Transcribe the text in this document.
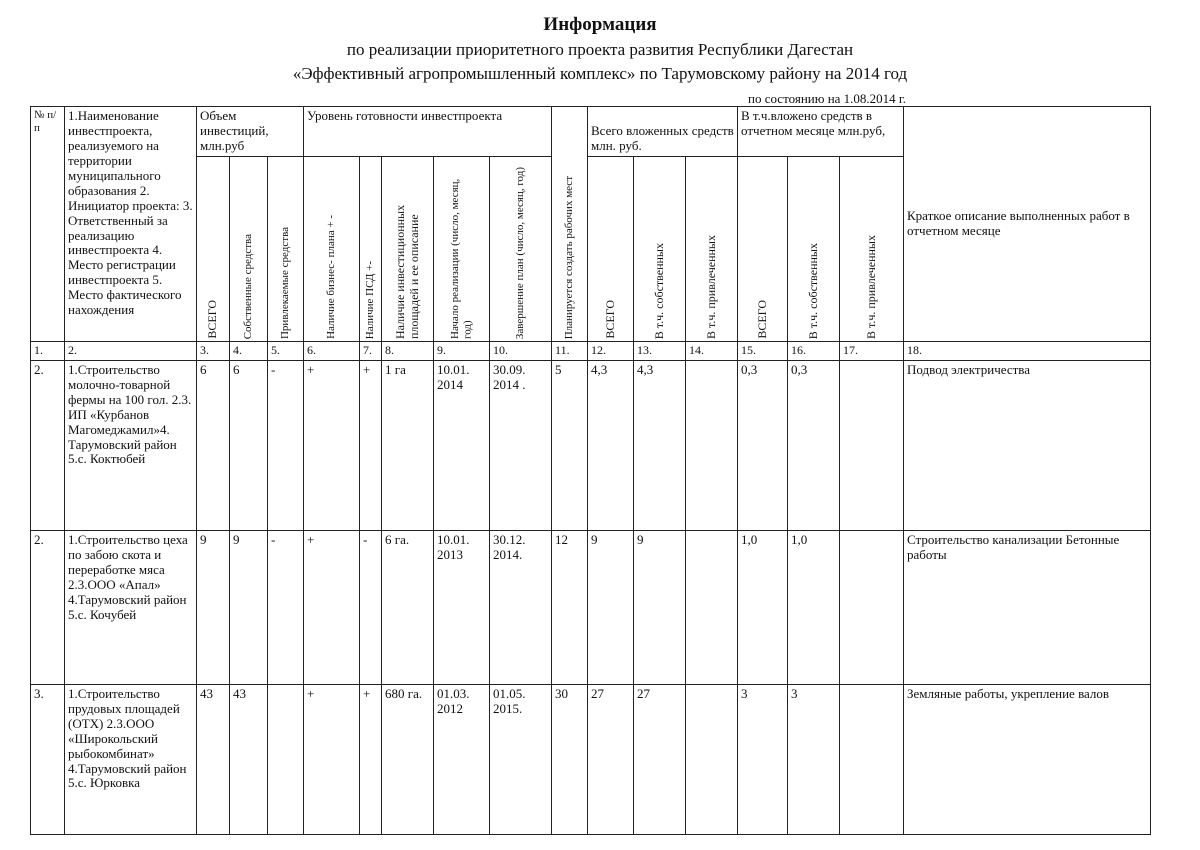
Информация
по реализации приоритетного проекта развития Республики Дагестан
«Эффективный агропромышленный комплекс» по Тарумовскому району на 2014 год
по состоянию на 1.08.2014 г.
№ п/п	1.Наименование инвестпроекта, реализуемого на территории муниципального образования 2. Инициатор проекта: 3. Ответственный за реализацию инвестпроекта 4. Место регистрации инвестпроекта 5. Место фактического нахождения	Объем инвестиций, млн.руб			Уровень готовности инвестпроекта					Планируется создать рабочих мест	Всего вложенных средств млн. руб.			В т.ч.вложено средств в отчетном месяце млн.руб,			Краткое описание выполненных работ в отчетном месяце

		ВСЕГО	Собственные средства	Привлекаемые средства	Наличие бизнес- плана + -	Наличие ПСД +-	Наличие инвестиционных площадей и ее описание	Начало реализации (число, месяц, год)	Завершение план (число, месяц, год)		ВСЕГО	В т.ч. собственных	В т.ч. привлеченных	ВСЕГО	В т.ч. собственных	В т.ч. привлеченных	

1.	2.	3.	4.	5.	6.	7.	8.	9.	10.	11.	12.	13.	14.	15.	16.	17.	18.
2.	1.Строительство молочно-товарной фермы на 100 гол. 2.3. ИП «Курбанов Магомеджамил»4. Тарумовский район 5.с. Коктюбей	6	6	-	+	+	1 га	10.01. 2014	30.09. 2014 .	5	4,3	4,3		0,3	0,3		Подвод электричества
2.	1.Строительство цеха по забою скота и переработке мяса 2.3.ООО «Апал» 4.Тарумовский район 5.с. Кочубей	9	9	-	+	-	6 га.	10.01. 2013	30.12. 2014.	12	9	9		1,0	1,0		Строительство канализации Бетонные работы
3.	1.Строительство прудовых площадей (ОТХ) 2.3.ООО «Широкольский рыбокомбинат» 4.Тарумовский район 5.с. Юрковка	43	43		+	+	680 га.	01.03. 2012	01.05. 2015.	30	27	27		3	3		Земляные работы, укрепление валов
